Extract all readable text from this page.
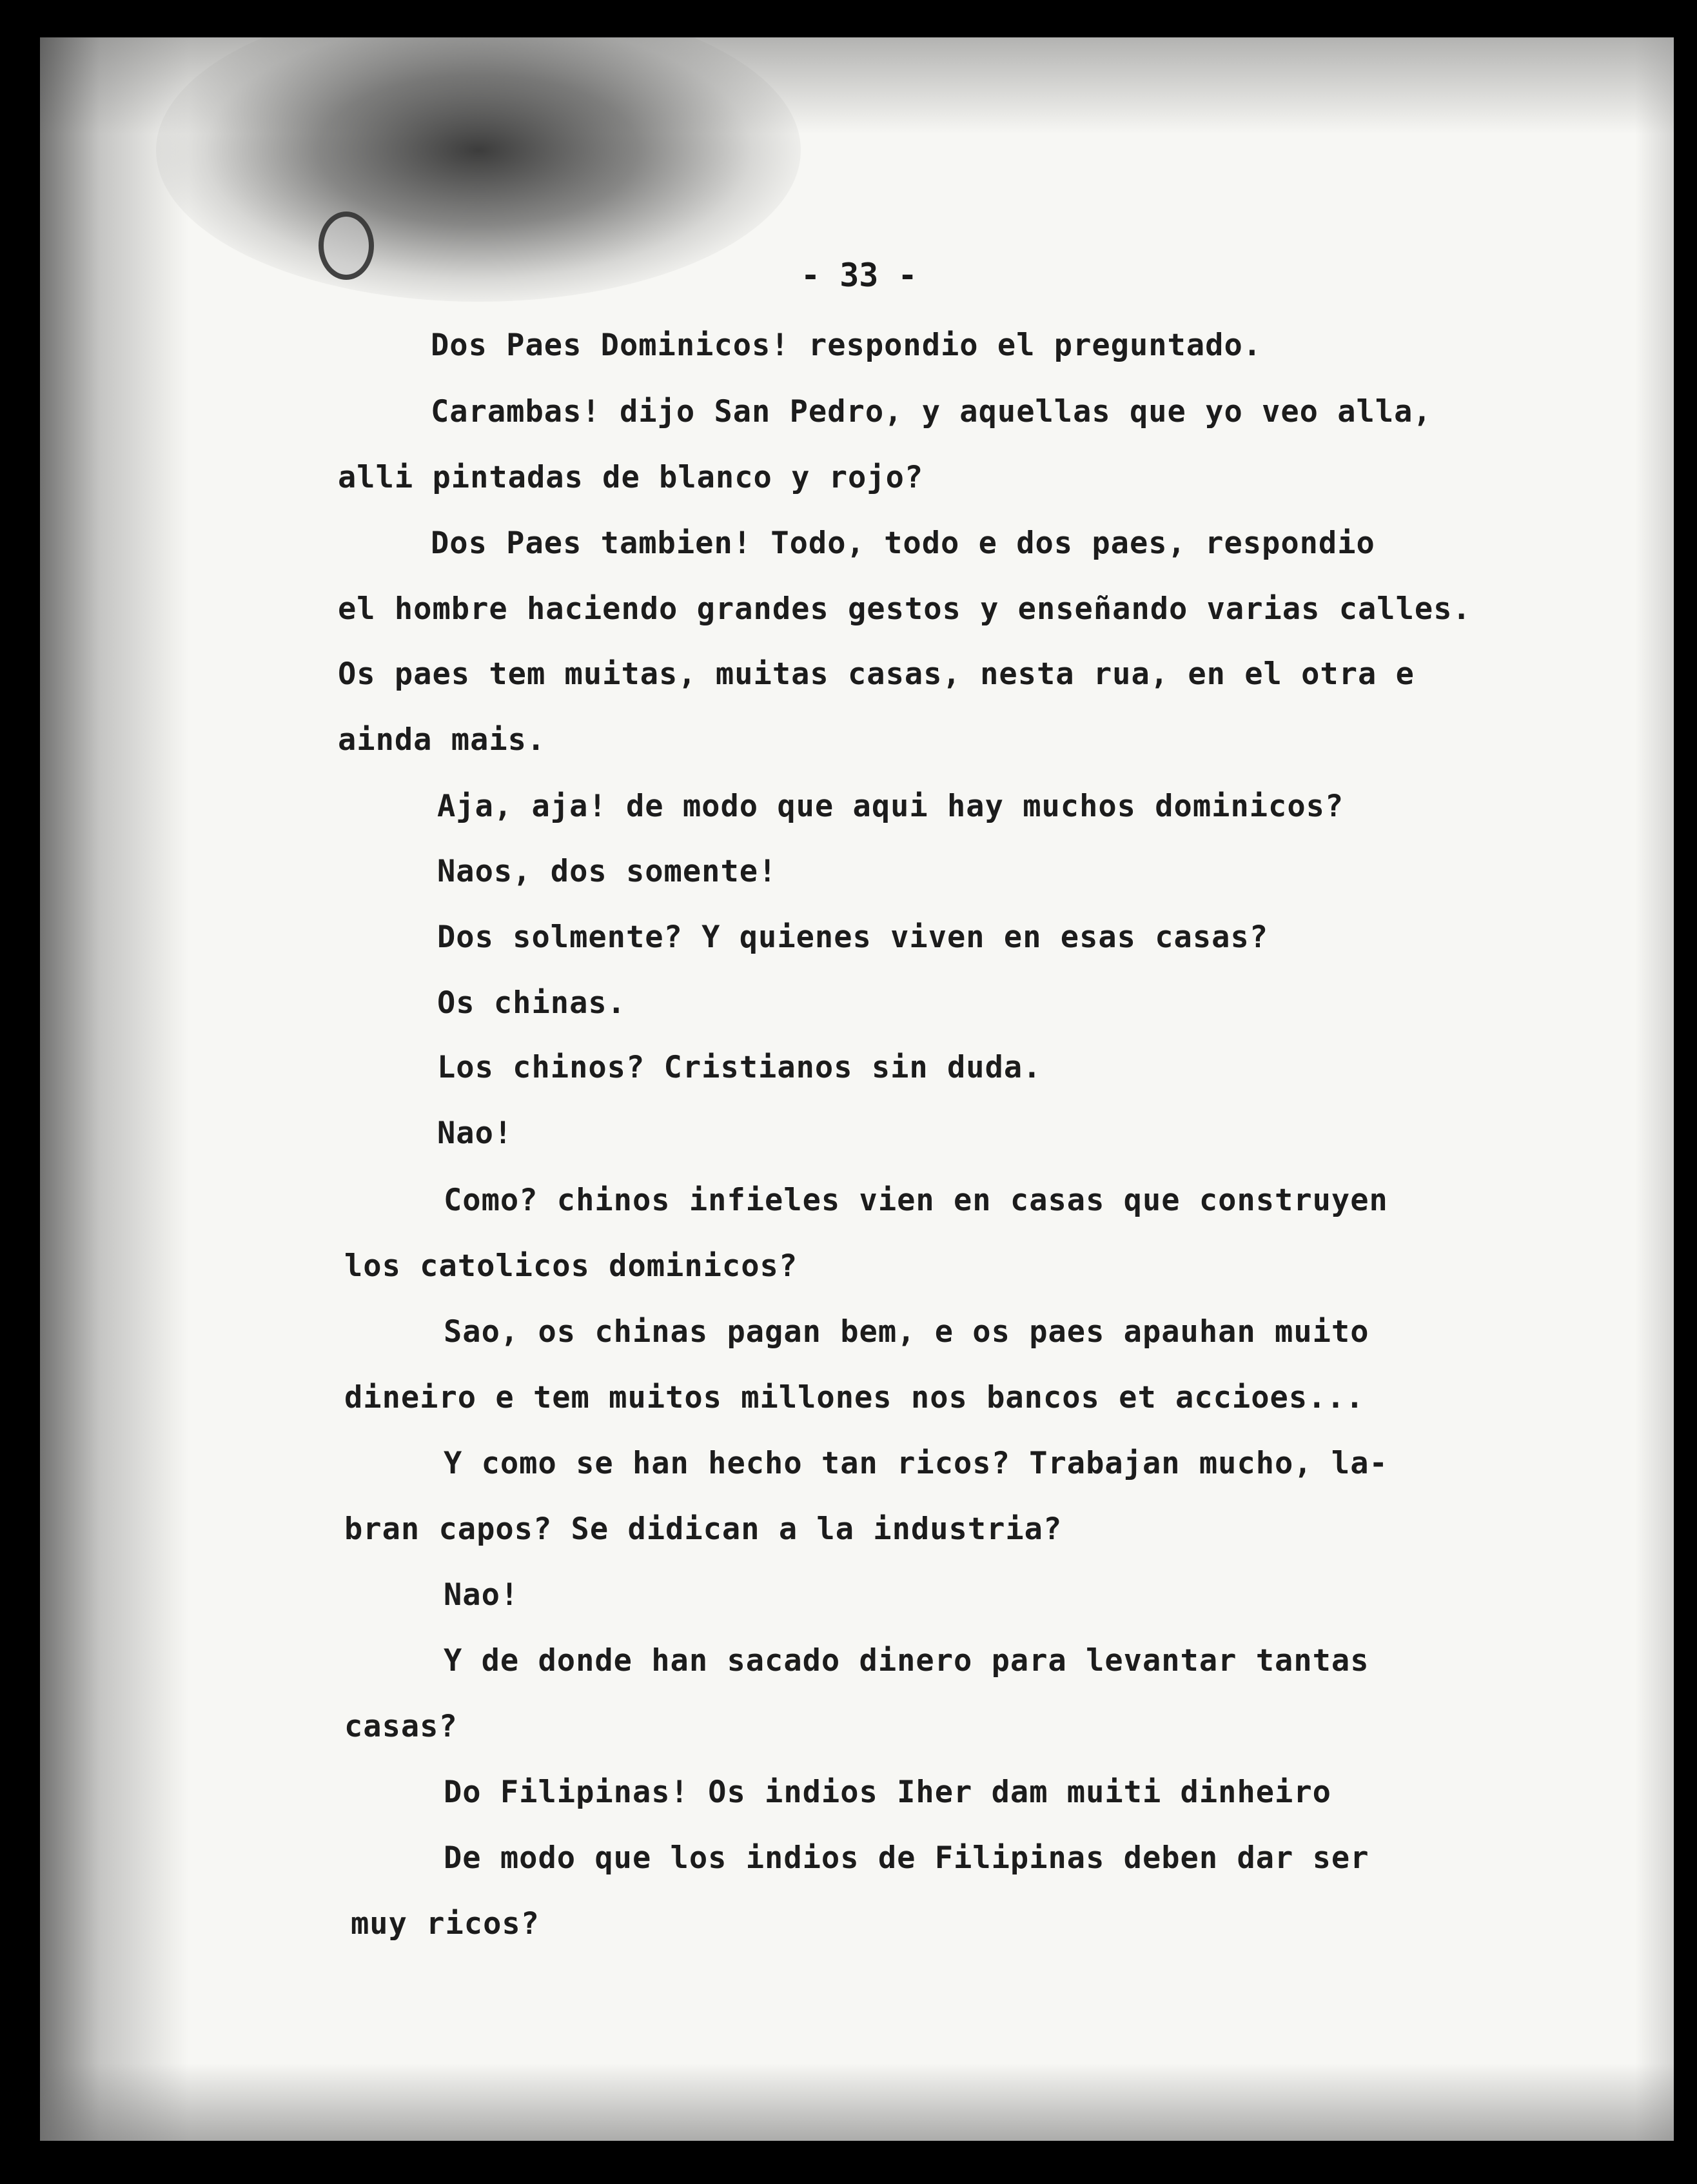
- 33 -
Dos Paes Dominicos! respondio el preguntado.
Carambas! dijo San Pedro, y aquellas que yo veo alla,
alli pintadas de blanco y rojo?
Dos Paes tambien! Todo, todo e dos paes, respondio
el hombre haciendo grandes gestos y enseñando varias calles.
Os paes tem muitas, muitas casas, nesta rua, en el otra e
ainda mais.
Aja, aja! de modo que aqui hay muchos dominicos?
Naos, dos somente!
Dos solmente? Y quienes viven en esas casas?
Os chinas.
Los chinos? Cristianos sin duda.
Nao!
Como? chinos infieles vien en casas que construyen
los catolicos dominicos?
Sao, os chinas pagan bem, e os paes apauhan muito
dineiro e tem muitos millones nos bancos et accioes...
Y como se han hecho tan ricos? Trabajan mucho, la-
bran capos? Se didican a la industria?
Nao!
Y de donde han sacado dinero para levantar tantas
casas?
Do Filipinas! Os indios Iher dam muiti dinheiro
De modo que los indios de Filipinas deben dar ser
muy ricos?
